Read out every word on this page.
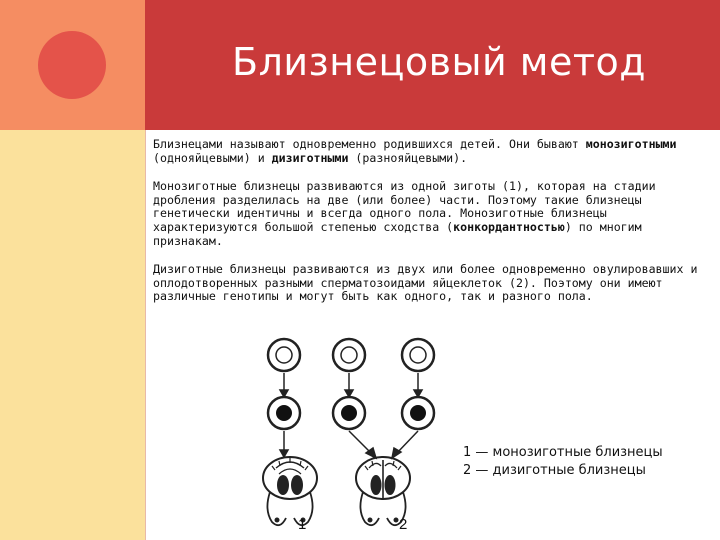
Близнецовый метод

Близнецами называют одновременно родившихся детей. Они бывают монозиготными (однояйцевыми) и дизиготными (разнояйцевыми).

Монозиготные близнецы развиваются из одной зиготы (1), которая на стадии дробления разделилась на две (или более) части. Поэтому такие близнецы генетически идентичны и всегда одного пола. Монозиготные близнецы характеризуются большой степенью сходства (конкордантностью) по многим признакам.

Дизиготные близнецы развиваются из двух или более одновременно овулировавших и оплодотворенных разными сперматозоидами яйцеклеток (2). Поэтому они имеют различные генотипы и могут быть как одного, так и разного пола.

1	2
1 — монозиготные близнецы
2 — дизиготные близнецы
